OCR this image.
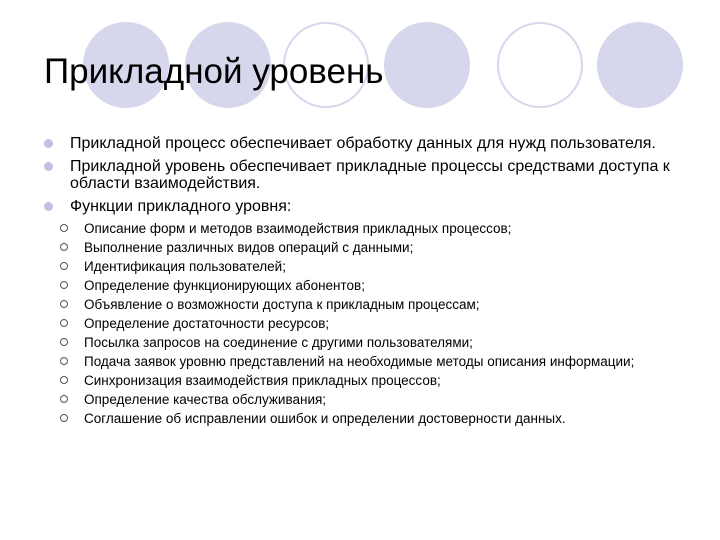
Прикладной уровень
Прикладной процесс обеспечивает обработку данных для нужд пользователя.
Прикладной уровень обеспечивает прикладные процессы средствами доступа к области взаимодействия.
Функции прикладного уровня:
Описание форм и методов взаимодействия прикладных процессов;
Выполнение различных видов операций с данными;
Идентификация пользователей;
Определение функционирующих абонентов;
Объявление о возможности доступа к прикладным процессам;
Определение достаточности ресурсов;
Посылка запросов на соединение с другими пользователями;
Подача заявок уровню представлений на необходимые методы описания информации;
Синхронизация взаимодействия прикладных процессов;
Определение качества обслуживания;
Соглашение об исправлении ошибок и определении достоверности данных.
